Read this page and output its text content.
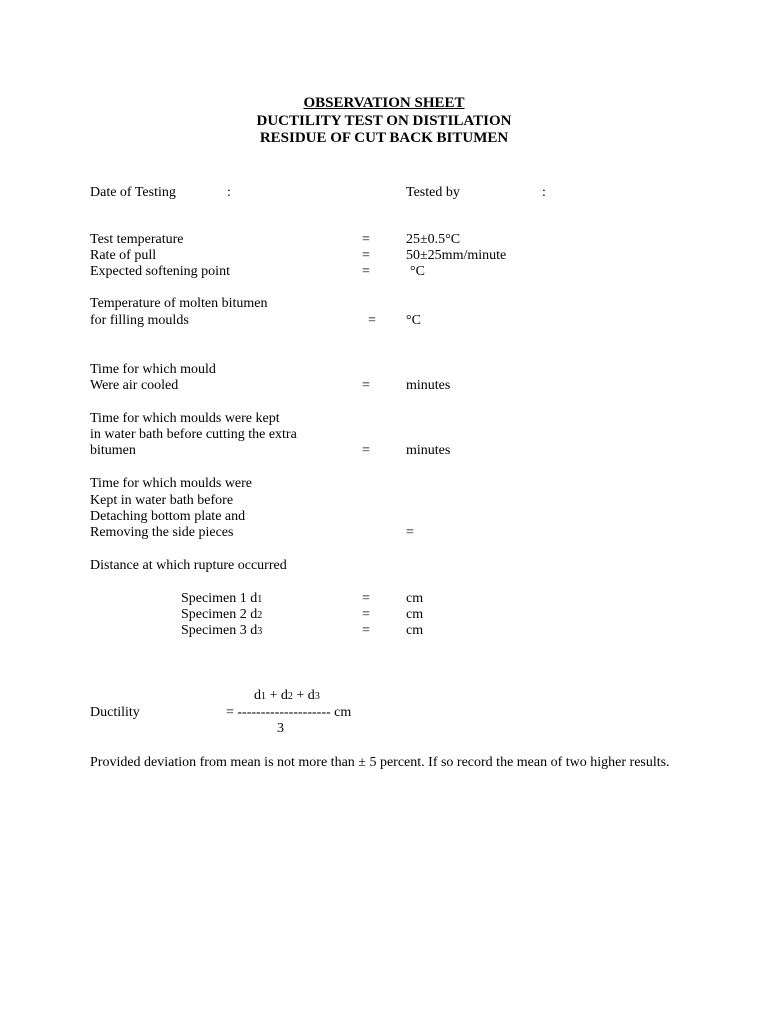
OBSERVATION SHEET
DUCTILITY TEST ON DISTILATION
RESIDUE OF CUT BACK BITUMEN
Date of Testing	:	Tested by	:
Test temperature	=	25±0.5°C
Rate of pull	=	50±25mm/minute
Expected softening point	=	°C
Temperature of molten bitumen
for filling moulds	= °C
Time for which mould
Were air cooled	=	minutes
Time for which moulds were kept
in water bath before cutting the extra
bitumen	=	minutes
Time for which moulds were
Kept in water bath before
Detaching bottom plate and
Removing the side pieces	=
Distance at which rupture occurred
Specimen 1 d1	=	cm
Specimen 2 d2	=	cm
Specimen 3 d3	=	cm
d1 + d2 + d3
Ductility	= -------------------- cm
3
Provided deviation from mean is not more than ± 5 percent. If so record the mean of two higher results.
